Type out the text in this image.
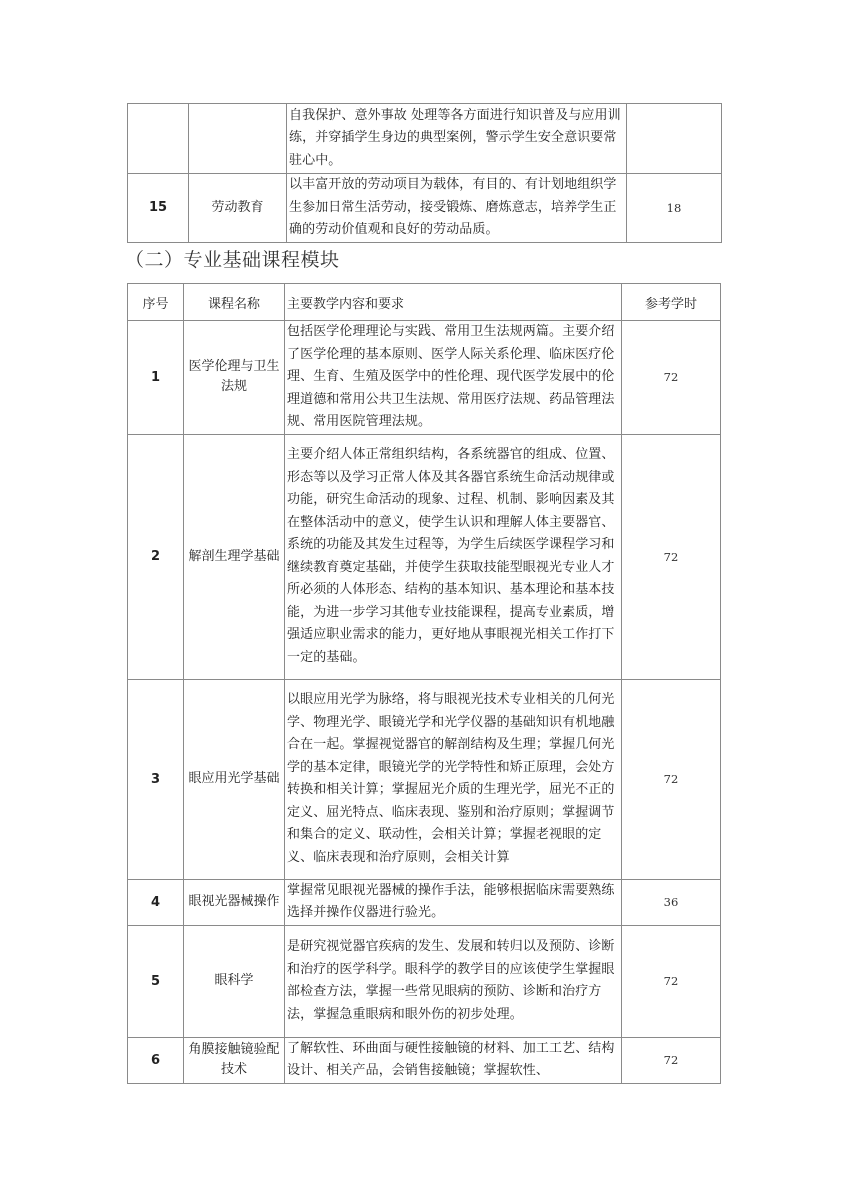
		自我保护、意外事故 处理等各方面进行知识普及与应用训练，并穿插学生身边的典型案例，警示学生安全意识要常驻心中。	
15	劳动教育	以丰富开放的劳动项目为载体，有目的、有计划地组织学生参加日常生活劳动，接受锻炼、磨炼意志，培养学生正确的劳动价值观和良好的劳动品质。	18
（二）专业基础课程模块
序号	课程名称	主要教学内容和要求	参考学时
1	医学伦理与卫生法规	包括医学伦理理论与实践、常用卫生法规两篇。主要介绍了医学伦理的基本原则、医学人际关系伦理、临床医疗伦理、生育、生殖及医学中的性伦理、现代医学发展中的伦理道德和常用公共卫生法规、常用医疗法规、药品管理法规、常用医院管理法规。	72
2	解剖生理学基础	主要介绍人体正常组织结构，各系统器官的组成、位置、形态等以及学习正常人体及其各器官系统生命活动规律或功能，研究生命活动的现象、过程、机制、影响因素及其在整体活动中的意义，使学生认识和理解人体主要器官、系统的功能及其发生过程等，为学生后续医学课程学习和继续教育奠定基础，并使学生获取技能型眼视光专业人才所必须的人体形态、结构的基本知识、基本理论和基本技能，为进一步学习其他专业技能课程，提高专业素质，增强适应职业需求的能力，更好地从事眼视光相关工作打下一定的基础。	72
3	眼应用光学基础	以眼应用光学为脉络，将与眼视光技术专业相关的几何光学、物理光学、眼镜光学和光学仪器的基础知识有机地融合在一起。掌握视觉器官的解剖结构及生理；掌握几何光学的基本定律，眼镜光学的光学特性和矫正原理，会处方转换和相关计算；掌握屈光介质的生理光学，屈光不正的定义、屈光特点、临床表现、鉴别和治疗原则；掌握调节和集合的定义、联动性，会相关计算；掌握老视眼的定义、临床表现和治疗原则，会相关计算	72
4	眼视光器械操作	掌握常见眼视光器械的操作手法，能够根据临床需要熟练选择并操作仪器进行验光。	36
5	眼科学	是研究视觉器官疾病的发生、发展和转归以及预防、诊断和治疗的医学科学。眼科学的教学目的应该使学生掌握眼部检查方法，掌握一些常见眼病的预防、诊断和治疗方法，掌握急重眼病和眼外伤的初步处理。	72
6	角膜接触镜验配技术	了解软性、环曲面与硬性接触镜的材料、加工工艺、结构设计、相关产品，会销售接触镜；掌握软性、	72
